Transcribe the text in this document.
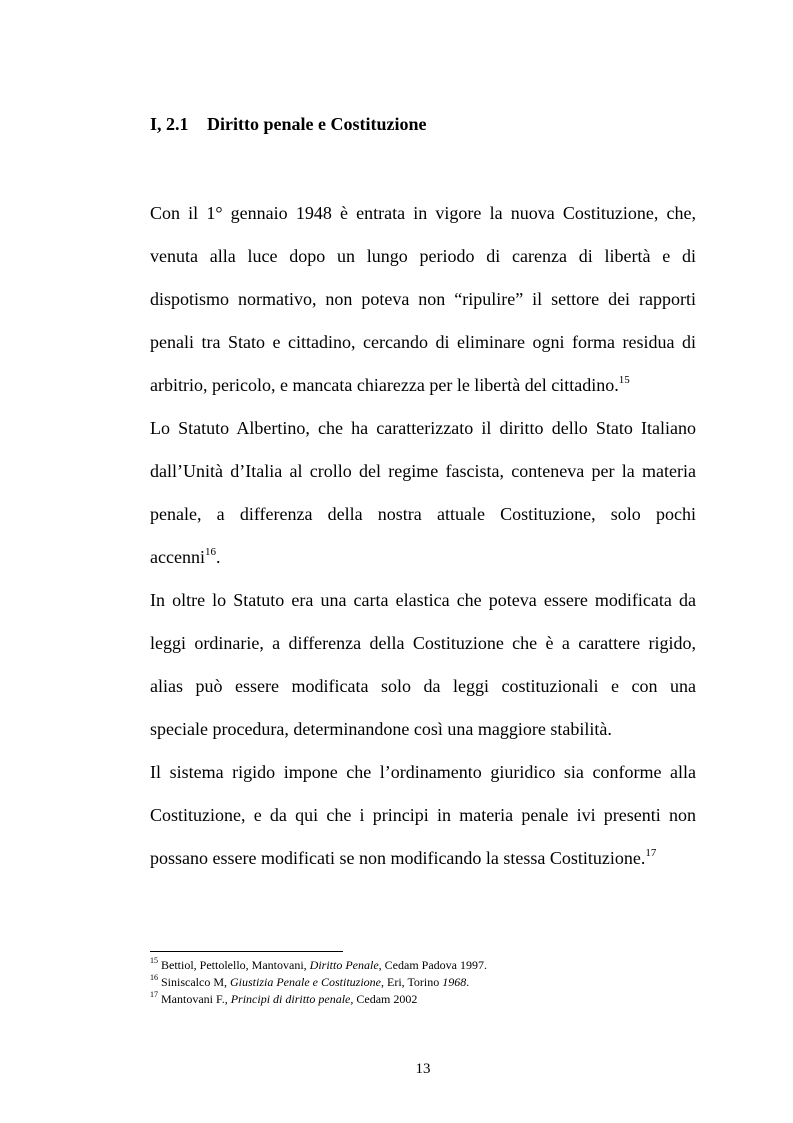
I, 2.1 Diritto penale e Costituzione
Con il 1° gennaio 1948 è entrata in vigore la nuova Costituzione, che,
venuta alla luce dopo un lungo periodo di carenza di libertà e di
dispotismo normativo, non poteva non “ripulire” il settore dei rapporti
penali tra Stato e cittadino, cercando di eliminare ogni forma residua di
arbitrio, pericolo, e mancata chiarezza per le libertà del cittadino.$^{15}$
Lo Statuto Albertino, che ha caratterizzato il diritto dello Stato Italiano
dall’Unità d’Italia al crollo del regime fascista, conteneva per la materia
penale, a differenza della nostra attuale Costituzione, solo pochi
accenni$^{16}$.
In oltre lo Statuto era una carta elastica che poteva essere modificata da
leggi ordinarie, a differenza della Costituzione che è a carattere rigido,
alias può essere modificata solo da leggi costituzionali e con una
speciale procedura, determinandone così una maggiore stabilità.
Il sistema rigido impone che l’ordinamento giuridico sia conforme alla
Costituzione, e da qui che i principi in materia penale ivi presenti non
possano essere modificati se non modificando la stessa Costituzione.$^{17}$
$^{15}$ Bettiol, Pettolello, Mantovani, Diritto Penale, Cedam Padova 1997.
$^{16}$ Siniscalco M, Giustizia Penale e Costituzione, Eri, Torino 1968.
$^{17}$ Mantovani F., Principi di diritto penale, Cedam 2002
13
